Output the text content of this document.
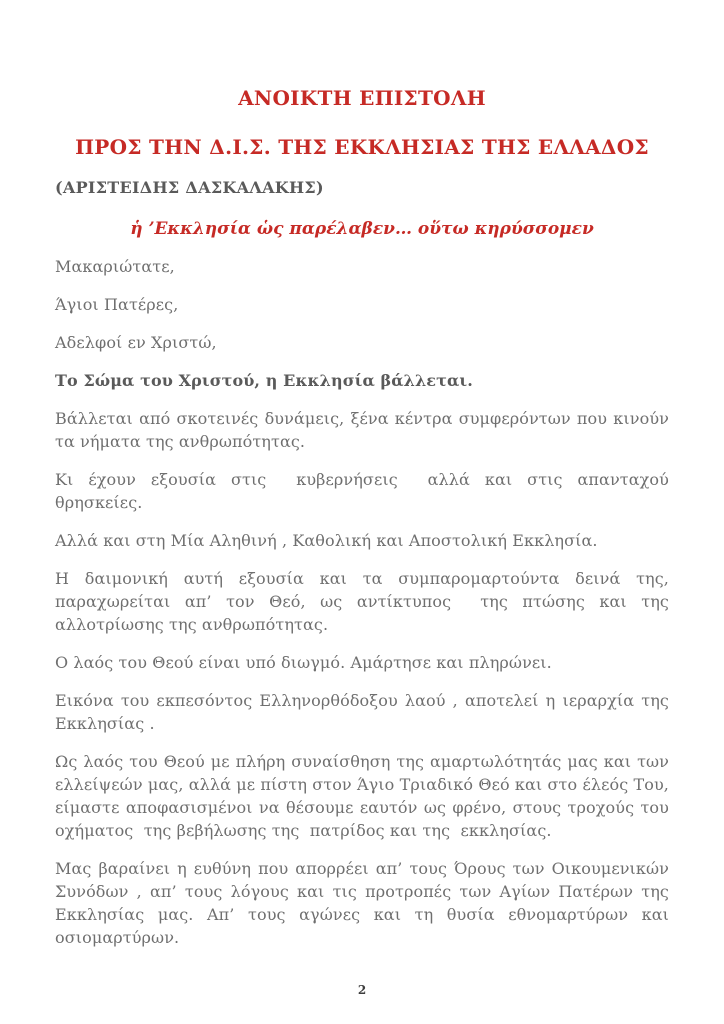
ΑΝΟΙΚΤΗ ΕΠΙΣΤΟΛΗ
ΠΡΟΣ ΤΗΝ Δ.Ι.Σ. ΤΗΣ ΕΚΚΛΗΣΙΑΣ ΤΗΣ ΕΛΛΑΔΟΣ

(ΑΡΙΣΤΕΙΔΗΣ ΔΑΣΚΑΛΑΚΗΣ)

ἡ ʼΕκκλησία ὡς παρέλαβεν… οὕτω κηρύσσομεν

Μακαριώτατε,

Άγιοι Πατέρες,

Αδελφοί εν Χριστώ,

Το Σώμα του Χριστού, η Εκκλησία βάλλεται.

Βάλλεται από σκοτεινές δυνάμεις, ξένα κέντρα συμφερόντων που κινούν τα νήματα της ανθρωπότητας.

Κι έχουν εξουσία στις  κυβερνήσεις  αλλά και στις απανταχού  θρησκείες.

Αλλά και στη Μία Αληθινή , Καθολική και Αποστολική Εκκλησία.

Η δαιμονική αυτή εξουσία και τα συμπαρομαρτούντα δεινά της, παραχωρείται απ’ τον Θεό, ως αντίκτυπος  της πτώσης και της αλλοτρίωσης της ανθρωπότητας.

Ο λαός του Θεού είναι υπό διωγμό. Αμάρτησε και πληρώνει.

Εικόνα του εκπεσόντος Ελληνορθόδοξου λαού , αποτελεί η ιεραρχία της Εκκλησίας .

Ως λαός του Θεού με πλήρη συναίσθηση της αμαρτωλότητάς μας και των ελλείψεών μας, αλλά με πίστη στον Άγιο Τριαδικό Θεό και στο έλεός Του, είμαστε αποφασισμένοι να θέσουμε εαυτόν ως φρένο, στους τροχούς του οχήματος  της βεβήλωσης της  πατρίδος και της  εκκλησίας.

Μας βαραίνει η ευθύνη που απορρέει απ’ τους Όρους των Οικουμενικών Συνόδων , απ’ τους λόγους και τις προτροπές των Αγίων Πατέρων της Εκκλησίας μας. Απ’ τους αγώνες και τη θυσία εθνομαρτύρων και οσιομαρτύρων.

2
